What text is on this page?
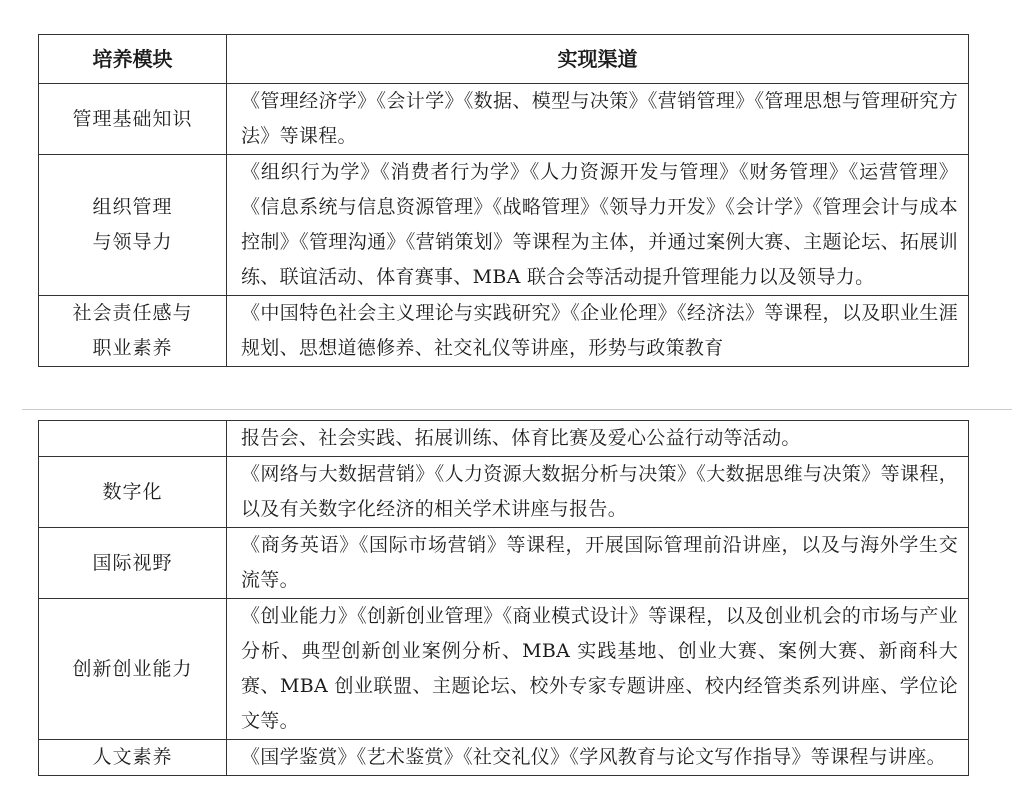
培养模块	实现渠道

管理基础知识	《管理经济学》《会计学》《数据、模型与决策》《营销管理》《管理思想与管理研究方法》等课程。

组织管理
与领导力	《组织行为学》《消费者行为学》《人力资源开发与管理》《财务管理》《运营管理》《信息系统与信息资源管理》《战略管理》《领导力开发》《会计学》《管理会计与成本控制》《管理沟通》《营销策划》等课程为主体，并通过案例大赛、主题论坛、拓展训练、联谊活动、体育赛事、MBA 联合会等活动提升管理能力以及领导力。

社会责任感与
职业素养	《中国特色社会主义理论与实践研究》《企业伦理》《经济法》等课程，以及职业生涯规划、思想道德修养、社交礼仪等讲座，形势与政策教育
	报告会、社会实践、拓展训练、体育比赛及爱心公益行动等活动。

数字化	《网络与大数据营销》《人力资源大数据分析与决策》《大数据思维与决策》等课程，以及有关数字化经济的相关学术讲座与报告。

国际视野	《商务英语》《国际市场营销》等课程，开展国际管理前沿讲座，以及与海外学生交流等。

创新创业能力	《创业能力》《创新创业管理》《商业模式设计》等课程，以及创业机会的市场与产业分析、典型创新创业案例分析、MBA 实践基地、创业大赛、案例大赛、新商科大赛、MBA 创业联盟、主题论坛、校外专家专题讲座、校内经管类系列讲座、学位论文等。

人文素养	《国学鉴赏》《艺术鉴赏》《社交礼仪》《学风教育与论文写作指导》等课程与讲座。
